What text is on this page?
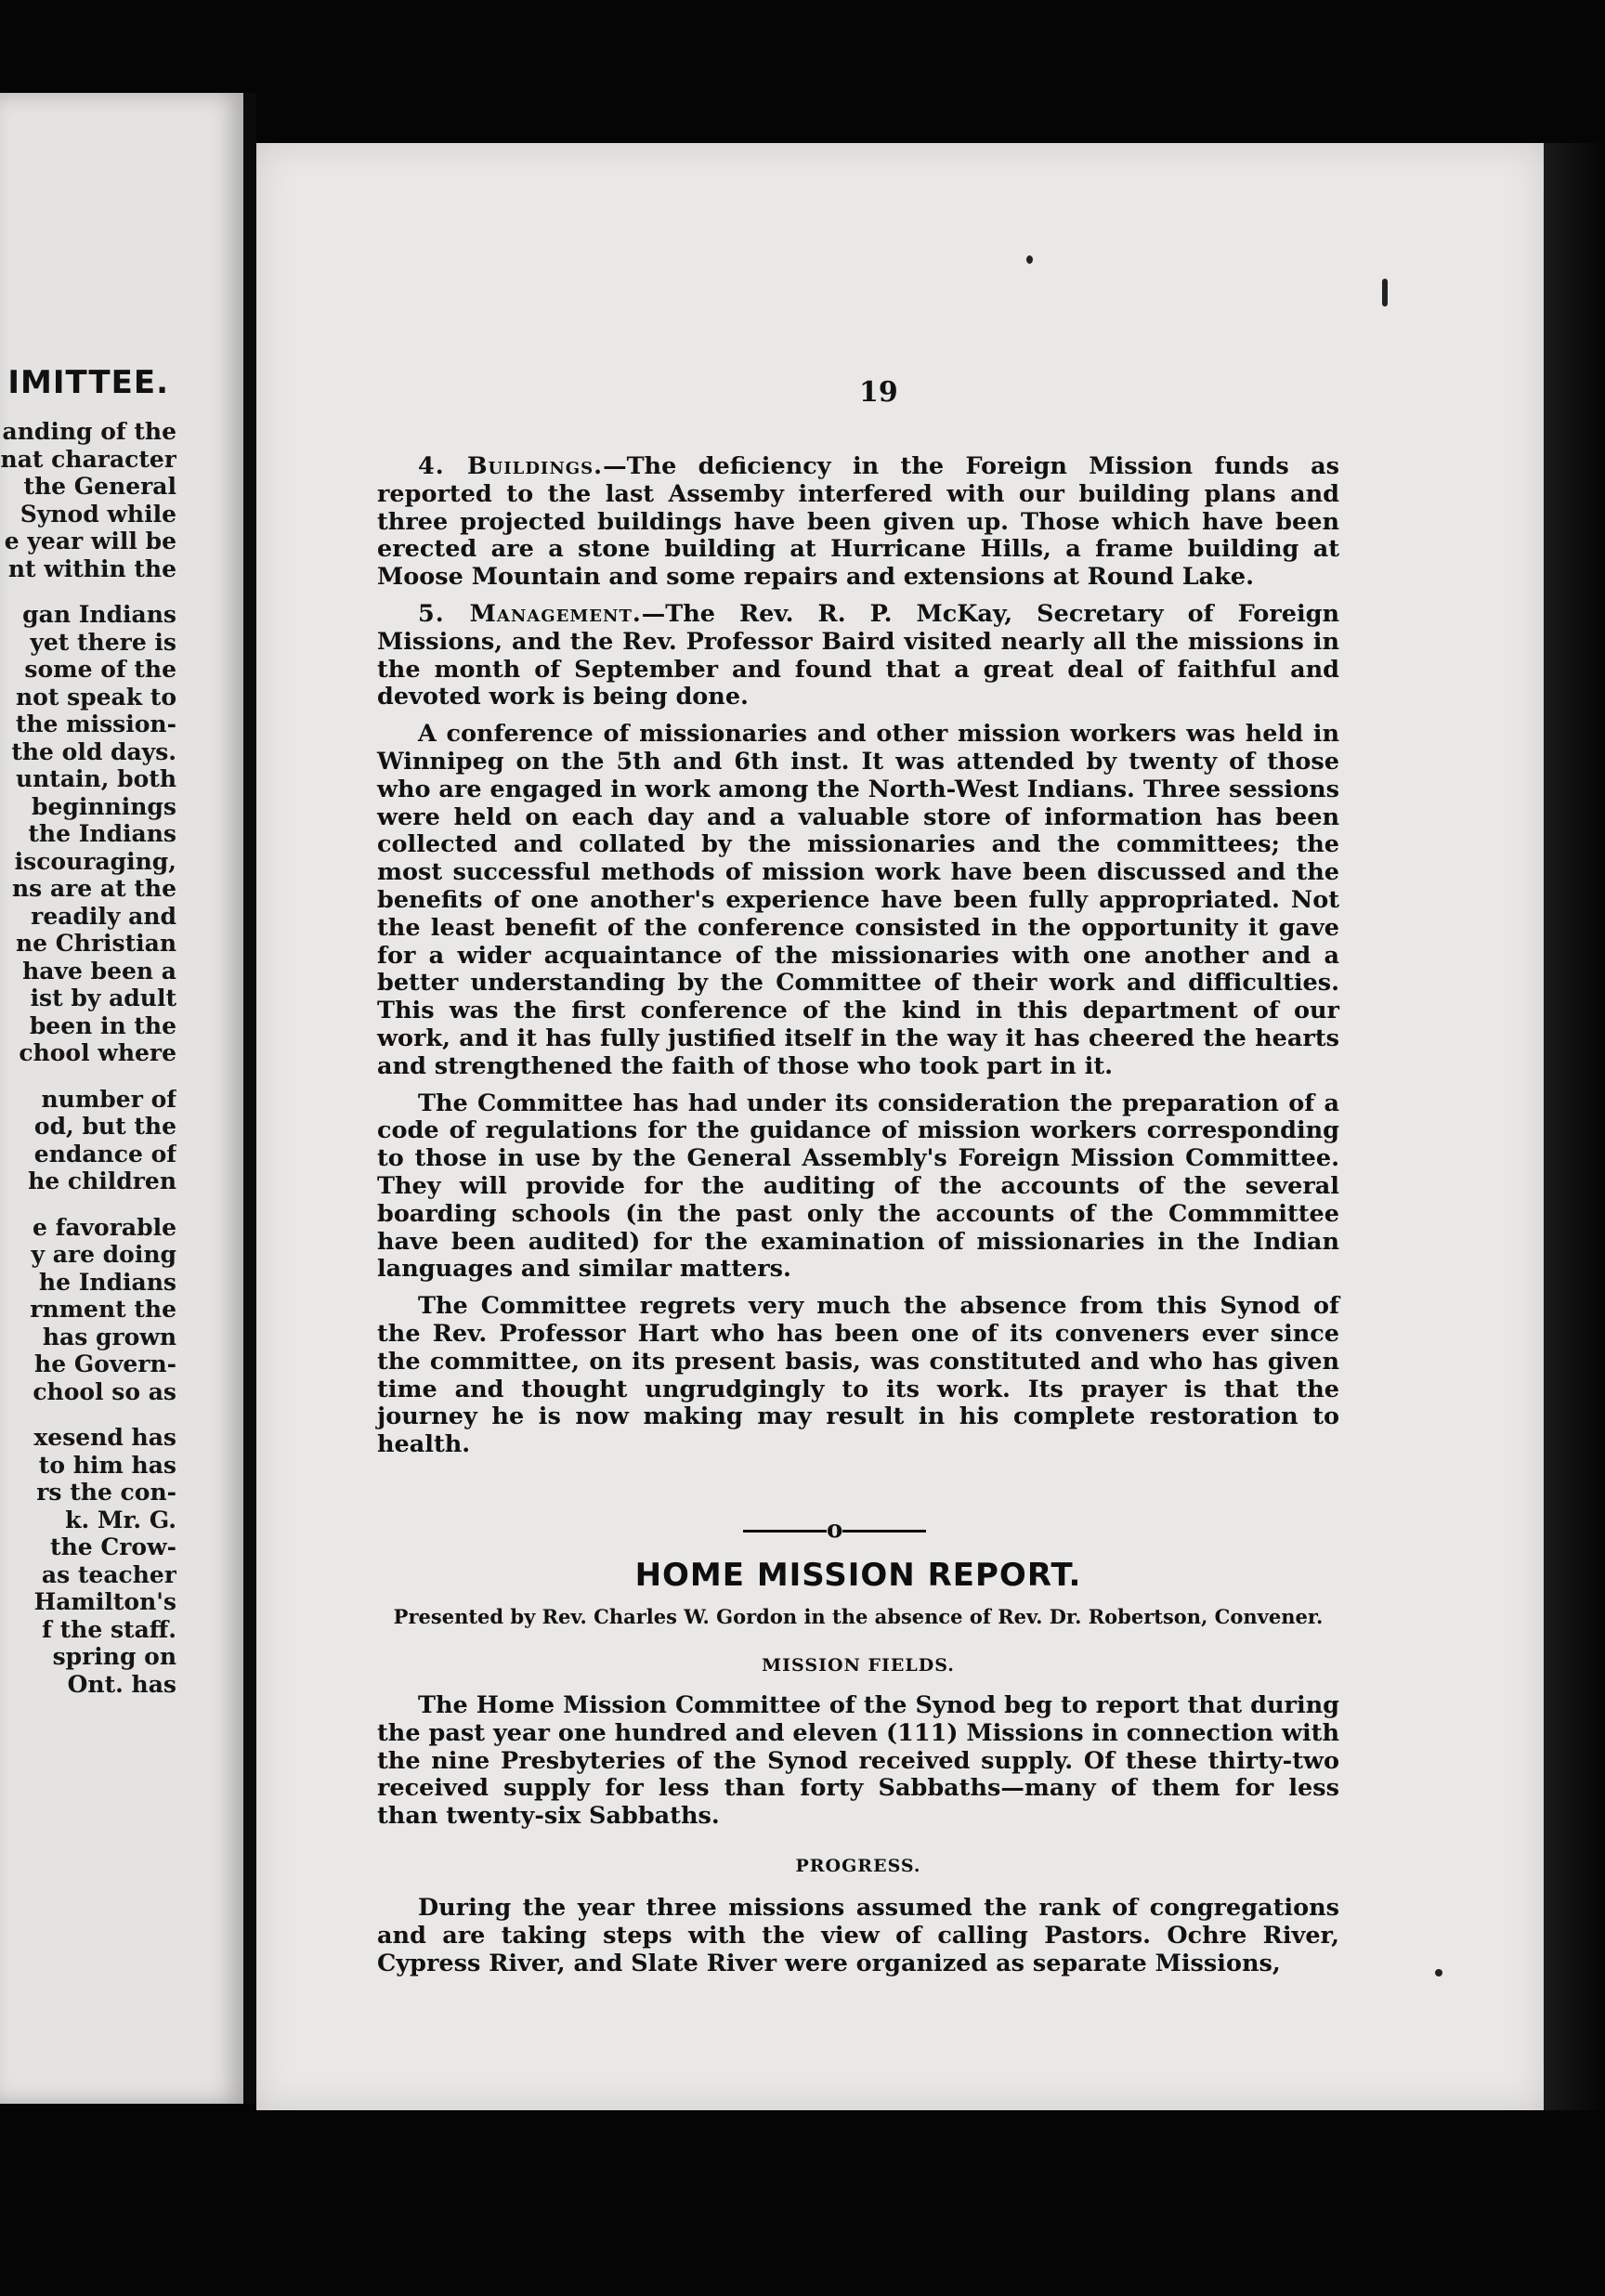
IMITTEE.
anding of the
nat character
the General
Synod while
e year will be
nt within the
gan Indians
yet there is
some of the
not speak to
the mission-
the old days.
untain, both
beginnings
the Indians
iscouraging,
ns are at the
readily and
ne Christian
have been a
ist by adult
been in the
chool where
number of
od, but the
endance of
he children
e favorable
y are doing
he Indians
rnment the
has grown
he Govern-
chool so as
xesend has
to him has
rs the con-
k. Mr. G.
the Crow-
as teacher
Hamilton's
f the staff.
spring on
Ont. has
19

4. Buildings.—The deficiency in the Foreign Mission funds as reported to the last Assemby interfered with our building plans and three projected buildings have been given up. Those which have been erected are a stone building at Hurricane Hills, a frame building at Moose Mountain and some repairs and extensions at Round Lake.

5. Management.—The Rev. R. P. McKay, Secretary of Foreign Missions, and the Rev. Professor Baird visited nearly all the missions in the month of September and found that a great deal of faithful and devoted work is being done.

A conference of missionaries and other mission workers was held in Winnipeg on the 5th and 6th inst. It was attended by twenty of those who are engaged in work among the North-West Indians. Three sessions were held on each day and a valuable store of information has been collected and collated by the missionaries and the committees; the most successful methods of mission work have been discussed and the benefits of one another's experience have been fully appropriated. Not the least benefit of the conference consisted in the opportunity it gave for a wider acquaintance of the missionaries with one another and a better understanding by the Committee of their work and difficulties. This was the first conference of the kind in this department of our work, and it has fully justified itself in the way it has cheered the hearts and strengthened the faith of those who took part in it.

The Committee has had under its consideration the preparation of a code of regulations for the guidance of mission workers corresponding to those in use by the General Assembly's Foreign Mission Committee. They will provide for the auditing of the accounts of the several boarding schools (in the past only the accounts of the Commmittee have been audited) for the examination of missionaries in the Indian languages and similar matters.

The Committee regrets very much the absence from this Synod of the Rev. Professor Hart who has been one of its conveners ever since the committee, on its present basis, was constituted and who has given time and thought ungrudgingly to its work. Its prayer is that the journey he is now making may result in his complete restoration to health.

o
HOME MISSION REPORT.
Presented by Rev. Charles W. Gordon in the absence of Rev. Dr. Robertson, Convener.
MISSION FIELDS.

The Home Mission Committee of the Synod beg to report that during the past year one hundred and eleven (111) Missions in connection with the nine Presbyteries of the Synod received supply. Of these thirty-two received supply for less than forty Sabbaths—many of them for less than twenty-six Sabbaths.

PROGRESS.

During the year three missions assumed the rank of congregations and are taking steps with the view of calling Pastors. Ochre River, Cypress River, and Slate River were organized as separate Missions,
